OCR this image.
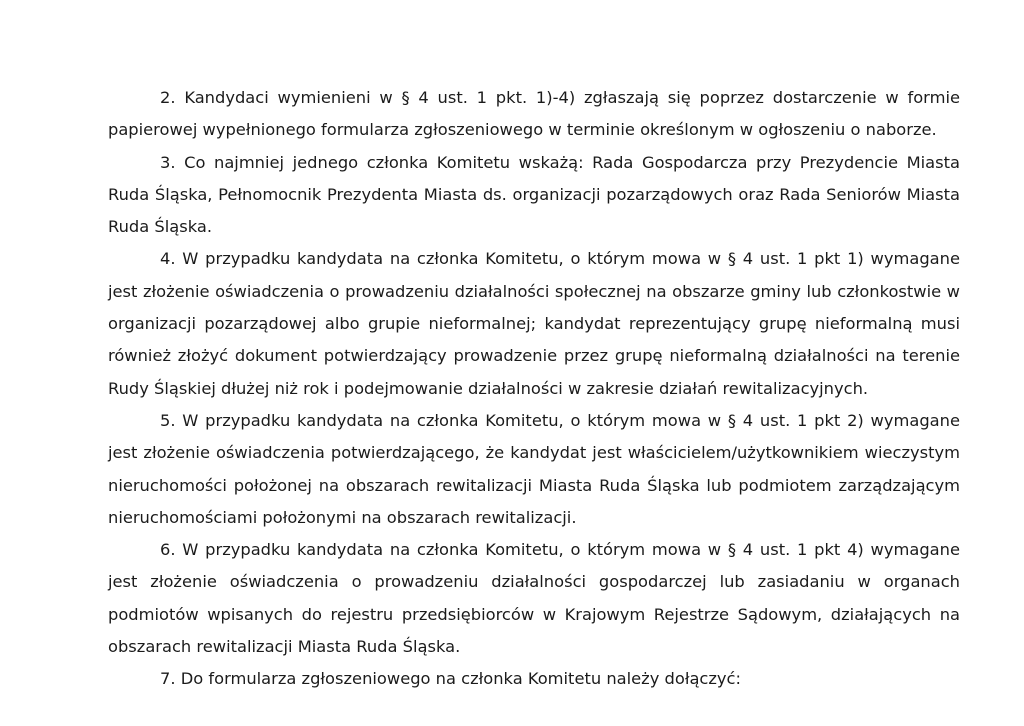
2. Kandydaci wymienieni w § 4 ust. 1 pkt. 1)-4) zgłaszają się poprzez dostarczenie w formie papierowej wypełnionego formularza zgłoszeniowego w terminie określonym w ogłoszeniu o naborze.

3. Co najmniej jednego członka Komitetu wskażą: Rada Gospodarcza przy Prezydencie Miasta Ruda Śląska, Pełnomocnik Prezydenta Miasta ds. organizacji pozarządowych oraz Rada Seniorów Miasta Ruda Śląska.

4. W przypadku kandydata na członka Komitetu, o którym mowa w § 4 ust. 1 pkt 1) wymagane jest złożenie oświadczenia o prowadzeniu działalności społecznej na obszarze gminy lub członkostwie w organizacji pozarządowej albo grupie nieformalnej; kandydat reprezentujący grupę nieformalną musi również złożyć dokument potwierdzający prowadzenie przez grupę nieformalną działalności na terenie Rudy Śląskiej dłużej niż rok i podejmowanie działalności w zakresie działań rewitalizacyjnych.

5. W przypadku kandydata na członka Komitetu, o którym mowa w § 4 ust. 1 pkt 2) wymagane jest złożenie oświadczenia potwierdzającego, że kandydat jest właścicielem/użytkownikiem wieczystym nieruchomości położonej na obszarach rewitalizacji Miasta Ruda Śląska lub podmiotem zarządzającym nieruchomościami położonymi na obszarach rewitalizacji.

6. W przypadku kandydata na członka Komitetu, o którym mowa w § 4 ust. 1 pkt 4) wymagane jest złożenie oświadczenia o prowadzeniu działalności gospodarczej lub zasiadaniu w organach podmiotów wpisanych do rejestru przedsiębiorców w Krajowym Rejestrze Sądowym, działających na obszarach rewitalizacji Miasta Ruda Śląska.

7. Do formularza zgłoszeniowego na członka Komitetu należy dołączyć:
